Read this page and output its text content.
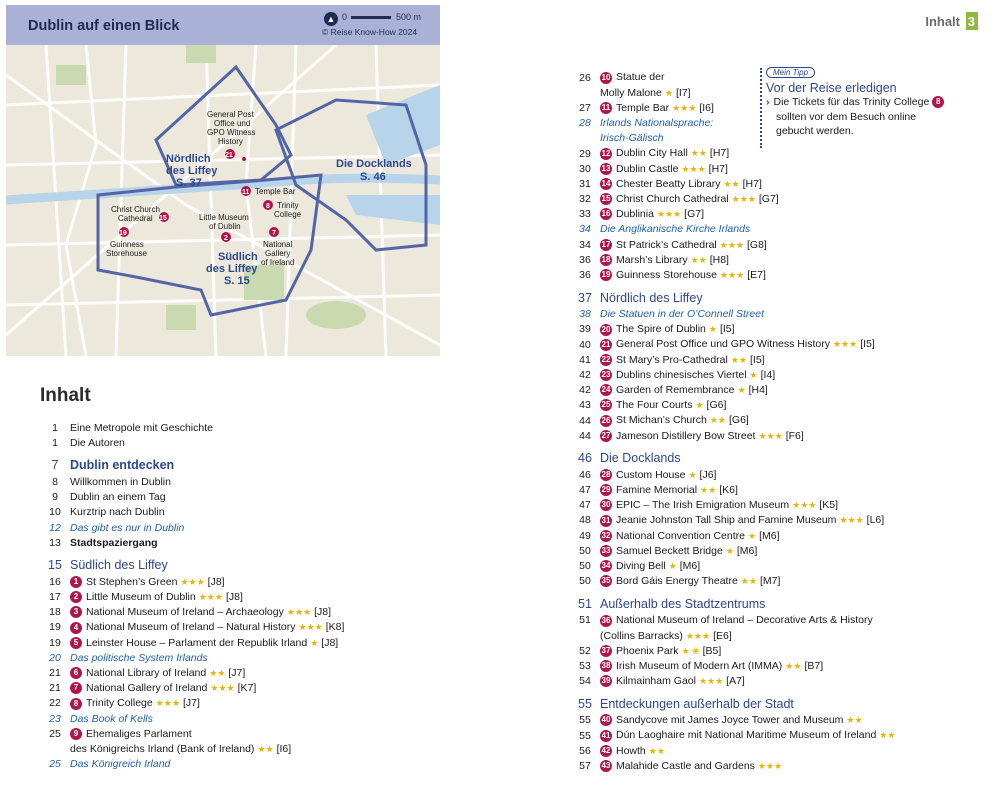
Dublin auf einen Blick	▲ 0	500 m
© Reise Know-How 2024
Nördlich
des Liffey
S. 37
Die Docklands
S. 46
Südlich
des Liffey
S. 15
General Post
Office und
GPO Witness
History
21
11 Temple Bar
Christ Church
Cathedral 15
8 Trinity
College
Little Museum
of Dublin
2
19
Guinness
Storehouse
7
National
Gallery
of Ireland
Inhalt 3
Inhalt
1	Eine Metropole mit Geschichte
1	Die Autoren
7 Dublin entdecken
8	Willkommen in Dublin
9	Dublin an einem Tag
10 Kurztrip nach Dublin
12 Das gibt es nur in Dublin
13 Stadtspaziergang
15 Südlich des Liffey
16	1 St Stephen’s Green ★★★ [J8]
17	2 Little Museum of Dublin ★★★ [J8]
18	3 National Museum of Ireland – Archaeology ★★★ [J8]
19	4 National Museum of Ireland – Natural History ★★★ [K8]
19	5 Leinster House – Parlament der Republik Irland ★ [J8]
20 Das politische System Irlands
21	6 National Library of Ireland ★★ [J7]
21	7 National Gallery of Ireland ★★★ [K7]
22	8 Trinity College ★★★ [J7]
23 Das Book of Kells
25	9 Ehemaliges Parlament
des Königreichs Irland (Bank of Ireland) ★★ [I6]
25 Das Königreich Irland
26	10 Statue der
Molly Malone ★ [I7]
27	11 Temple Bar ★★★ [I6]
28 Irlands Nationalsprache:
Irisch-Gälisch
29	12 Dublin City Hall ★★ [H7]
30	13 Dublin Castle ★★★ [H7]
31	14 Chester Beatty Library ★★ [H7]
32	15 Christ Church Cathedral ★★★ [G7]
33	16 Dublinia ★★★ [G7]
34 Die Anglikanische Kirche Irlands
34	17 St Patrick’s Cathedral ★★★ [G8]
36	18 Marsh’s Library ★★ [H8]
36	19 Guinness Storehouse ★★★ [E7]
37 Nördlich des Liffey
38 Die Statuen in der O’Connell Street
39	20 The Spire of Dublin ★ [I5]
40	21 General Post Office und GPO Witness History ★★★ [I5]
41	22 St Mary’s Pro-Cathedral ★★ [I5]
42	23 Dublins chinesisches Viertel ★ [I4]
42	24 Garden of Remembrance ★ [H4]
43	25 The Four Courts ★ [G6]
44	26 St Michan’s Church ★★ [G6]
44	27 Jameson Distillery Bow Street ★★★ [F6]
46 Die Docklands
46	28 Custom House ★ [J6]
47	29 Famine Memorial ★★ [K6]
47	30 EPIC – The Irish Emigration Museum ★★★ [K5]
48	31 Jeanie Johnston Tall Ship and Famine Museum ★★★ [L6]
49	32 National Convention Centre ★ [M6]
50	33 Samuel Beckett Bridge ★ [M6]
50	34 Diving Bell ★ [M6]
50	35 Bord Gáis Energy Theatre ★★ [M7]
51 Außerhalb des Stadtzentrums
51	36 National Museum of Ireland – Decorative Arts & History
(Collins Barracks) ★★★ [E6]
52	37 Phoenix Park ★ ❀ [B5]
53	38 Irish Museum of Modern Art (IMMA) ★★ [B7]
54	39 Kilmainham Gaol ★★★ [A7]
55 Entdeckungen außerhalb der Stadt
55	40 Sandycove mit James Joyce Tower and Museum ★★
55	41 Dún Laoghaire mit National Maritime Museum of Ireland ★★
56	42 Howth ★★
57	43 Malahide Castle and Gardens ★★★
Mein Tipp
Vor der Reise erledigen
› Die Tickets für das Trinity College 8
sollten vor dem Besuch online
gebucht werden.
